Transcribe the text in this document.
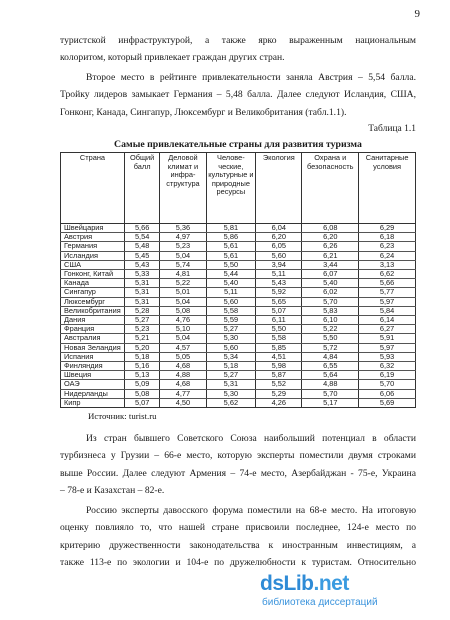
9
туристской инфраструктурой, а также ярко выраженным национальным
колоритом, который привлекает граждан других стран.
Второе место в рейтинге привлекательности заняла Австрия – 5,54 балла.
Тройку лидеров замыкает Германия – 5,48 балла. Далее следуют Исландия, США,
Гонконг, Канада, Сингапур, Люксембург и Великобритания (табл.1.1).
Таблица 1.1
Самые привлекательные страны для развития туризма
Страна	Общий балл	Деловой климат и инфра-структура	Челове-ческие, культурные и природные ресурсы	Экология	Охрана и безопасность	Санитарные условия
Швейцария	5,66	5,36	5,81	6,04	6,08	6,29
Австрия	5,54	4,97	5,86	6,20	6,20	6,18
Германия	5,48	5,23	5,61	6,05	6,26	6,23
Исландия	5,45	5,04	5,61	5,60	6,21	6,24
США	5,43	5,74	5,50	3,94	3,44	3,13
Гонконг, Китай	5,33	4,81	5,44	5,11	6,07	6,62
Канада	5,31	5,22	5,40	5,43	5,40	5,66
Сингапур	5,31	5,01	5,11	5,92	6,02	5,77
Люксембург	5,31	5,04	5,60	5,65	5,70	5,97
Великобритания	5,28	5,08	5,58	5,07	5,83	5,84
Дания	5,27	4,76	5,59	6,11	6,10	6,14
Франция	5,23	5,10	5,27	5,50	5,22	6,27
Австралия	5,21	5,04	5,30	5,58	5,50	5,91
Новая Зеландия	5,20	4,57	5,60	5,85	5,72	5,97
Испания	5,18	5,05	5,34	4,51	4,84	5,93
Финляндия	5,16	4,68	5,18	5,98	6,55	6,32
Швеция	5,13	4,88	5,27	5,87	5,64	6,19
ОАЭ	5,09	4,68	5,31	5,52	4,88	5,70
Нидерланды	5,08	4,77	5,30	5,29	5,70	6,06
Кипр	5,07	4,50	5,62	4,26	5,17	5,69
Источник: turist.ru
Из стран бывшего Советского Союза наибольший потенциал в области
турбизнеса у Грузии – 66-е место, которую эксперты поместили двумя строками
выше России. Далее следуют Армения – 74-е место, Азербайджан - 75-е, Украина
– 78-е и Казахстан – 82-е.
Россию эксперты давосского форума поместили на 68-е место. На итоговую
оценку повлияло то, что нашей стране присвоили последнее, 124-е место по
критерию дружественности законодательства к иностранным инвестициям, а
также 113-е по экологии и 104-е по дружелюбности к туристам. Относительно
dsLib.net
библиотека диссертаций
